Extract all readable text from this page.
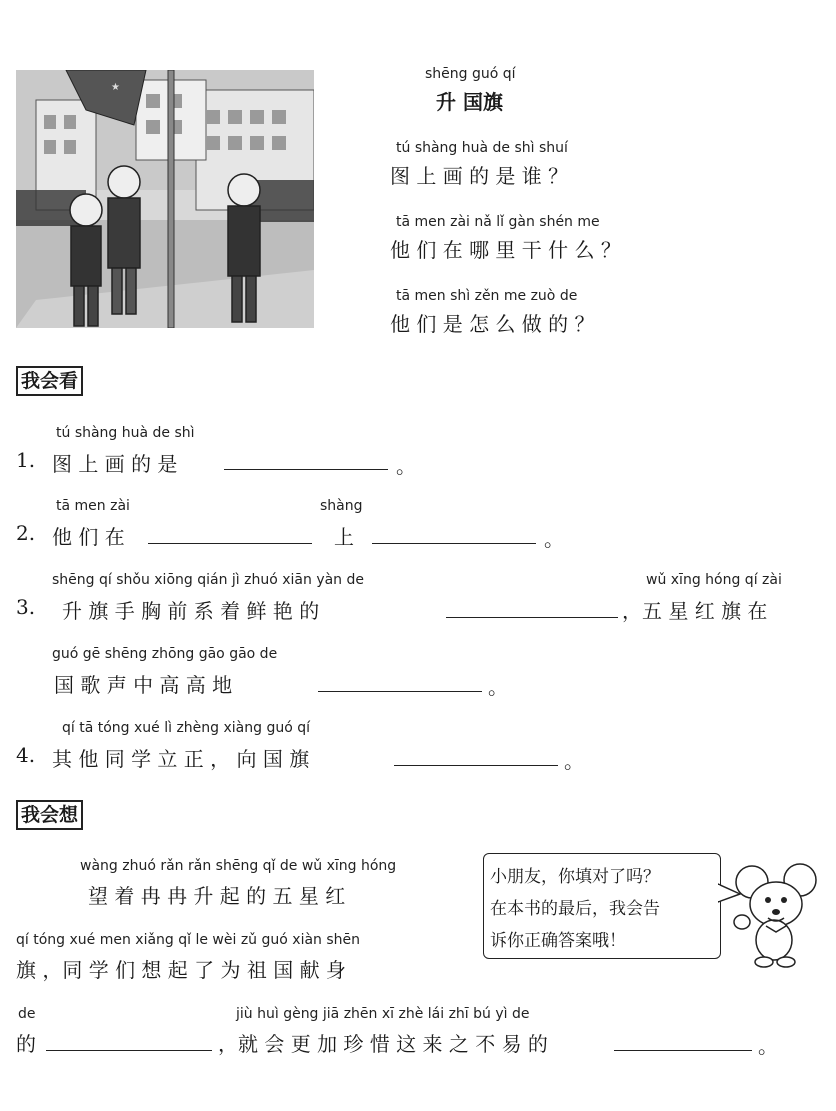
★
shēng guó qí
升 国旗
tú shàng huà de shì shuí
图 上 画 的 是 谁 ？
tā men zài nǎ lǐ gàn shén me
他 们 在 哪 里 干 什 么 ？
tā men shì zěn me zuò de
他 们 是 怎 么 做 的 ？
我会看
tú shàng huà de shì
1. 图 上 画 的 是	。
tā men zài
2. 他 们 在
shàng
上	。
shēng qí shǒu xiōng qián jì zhuó xiān yàn de
3. 升 旗 手 胸 前 系 着 鲜 艳 的
wǔ xīng hóng qí zài
，五 星 红 旗 在
guó gē shēng zhōng gāo gāo de
国 歌 声 中 高 高 地	。
qí tā tóng xué lì zhèng xiàng guó qí
4. 其 他 同 学 立 正 ， 向 国 旗	。
我会想
wàng zhuó rǎn rǎn shēng qǐ de wǔ xīng hóng
望 着 冉 冉 升 起 的 五 星 红
qí tóng xué men xiǎng qǐ le wèi zǔ guó xiàn shēn
旗 ，同 学 们 想 起 了 为 祖 国 献 身
de
的
jiù huì gèng jiā zhēn xī zhè lái zhī bú yì de
，就 会 更 加 珍 惜 这 来 之 不 易 的	。
小朋友，你填对了吗？
在本书的最后，我会告
诉你正确答案哦！
